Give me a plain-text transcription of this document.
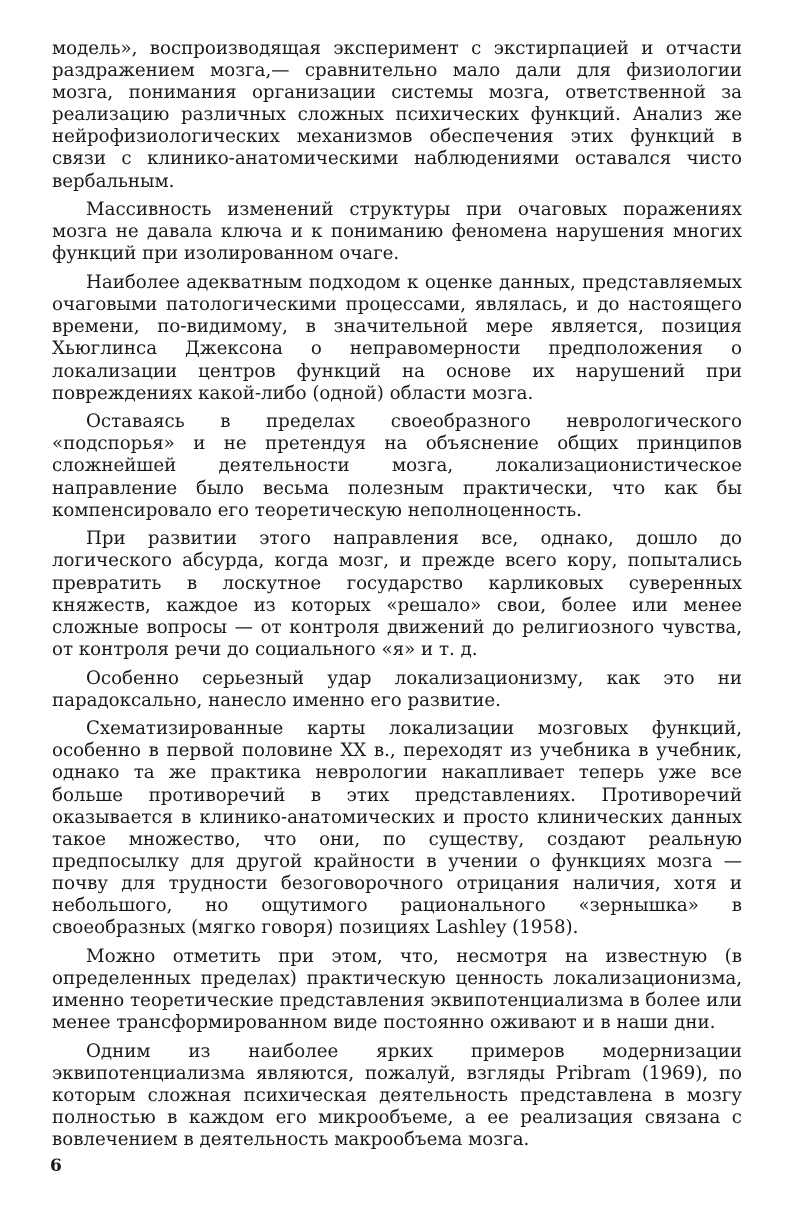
модель», воспроизводящая эксперимент с экстирпацией и отчасти раздражением мозга,— сравнительно мало дали для физиологии мозга, понимания организации системы мозга, ответственной за реализацию различных сложных психических функций. Анализ же нейрофизиологических механизмов обеспечения этих функций в связи с клинико-анатомическими наблюдениями оставался чисто вербальным.

Массивность изменений структуры при очаговых поражениях мозга не давала ключа и к пониманию феномена нарушения многих функций при изолированном очаге.

Наиболее адекватным подходом к оценке данных, представляемых очаговыми патологическими процессами, являлась, и до настоящего времени, по-видимому, в значительной мере является, позиция Хьюглинса Джексона о неправомерности предположения о локализации центров функций на основе их нарушений при повреждениях какой-либо (одной) области мозга.

Оставаясь в пределах своеобразного неврологического «подспорья» и не претендуя на объяснение общих принципов сложнейшей деятельности мозга, локализационистическое направление было весьма полезным практически, что как бы компенсировало его теоретическую неполноценность.

При развитии этого направления все, однако, дошло до логического абсурда, когда мозг, и прежде всего кору, попытались превратить в лоскутное государство карликовых суверенных княжеств, каждое из которых «решало» свои, более или менее сложные вопросы — от контроля движений до религиозного чувства, от контроля речи до социального «я» и т. д.

Особенно серьезный удар локализационизму, как это ни парадоксально, нанесло именно его развитие.

Схематизированные карты локализации мозговых функций, особенно в первой половине XX в., переходят из учебника в учебник, однако та же практика неврологии накапливает теперь уже все больше противоречий в этих представлениях. Противоречий оказывается в клинико-анатомических и просто клинических данных такое множество, что они, по существу, создают реальную предпосылку для другой крайности в учении о функциях мозга — почву для трудности безоговорочного отрицания наличия, хотя и небольшого, но ощутимого рационального «зернышка» в своеобразных (мягко говоря) позициях Lashley (1958).

Можно отметить при этом, что, несмотря на известную (в определенных пределах) практическую ценность локализационизма, именно теоретические представления эквипотенциализма в более или менее трансформированном виде постоянно оживают и в наши дни.

Одним из наиболее ярких примеров модернизации эквипотенциализма являются, пожалуй, взгляды Pribram (1969), по которым сложная психическая деятельность представлена в мозгу полностью в каждом его микрообъеме, а ее реализация связана с вовлечением в деятельность макрообъема мозга.

6
